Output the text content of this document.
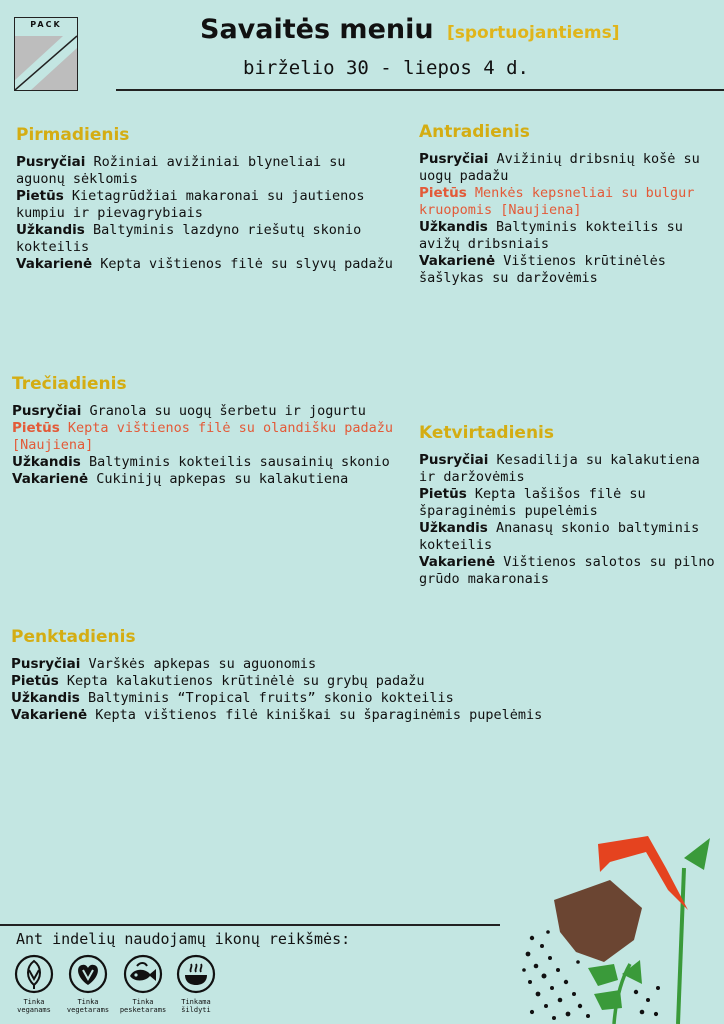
PACK	Savaitės meniu [sportuojantiems]
birželio 30 - liepos 4 d.
Pirmadienis
Pusryčiai Rožiniai avižiniai blyneliai su aguonų sėklomis
Pietūs Kietagrūdžiai makaronai su jautienos kumpiu ir pievagrybiais
Užkandis Baltyminis lazdyno riešutų skonio kokteilis
Vakarienė Kepta vištienos filė su slyvų padažu
Antradienis
Pusryčiai Avižinių dribsnių košė su uogų padažu
Pietūs Menkės kepsneliai su bulgur kruopomis [Naujiena]
Užkandis Baltyminis kokteilis su avižų dribsniais
Vakarienė Vištienos krūtinėlės šašlykas su daržovėmis
Trečiadienis
Pusryčiai Granola su uogų šerbetu ir jogurtu
Pietūs Kepta vištienos filė su olandišku padažu [Naujiena]
Užkandis Baltyminis kokteilis sausainių skonio
Vakarienė Cukinijų apkepas su kalakutiena
Ketvirtadienis
Pusryčiai Kesadilija su kalakutiena ir daržovėmis
Pietūs Kepta lašišos filė su šparaginėmis pupelėmis
Užkandis Ananasų skonio baltyminis kokteilis
Vakarienė Vištienos salotos su pilno grūdo makaronais
Penktadienis
Pusryčiai Varškės apkepas su aguonomis
Pietūs Kepta kalakutienos krūtinėlė su grybų padažu
Užkandis Baltyminis “Tropical fruits” skonio kokteilis
Vakarienė Kepta vištienos filė kiniškai su šparaginėmis pupelėmis
Ant indelių naudojamų ikonų reikšmės:
Tinka
veganams
Tinka
vegetarams
Tinka
pesketarams
Tinkama
šildyti
